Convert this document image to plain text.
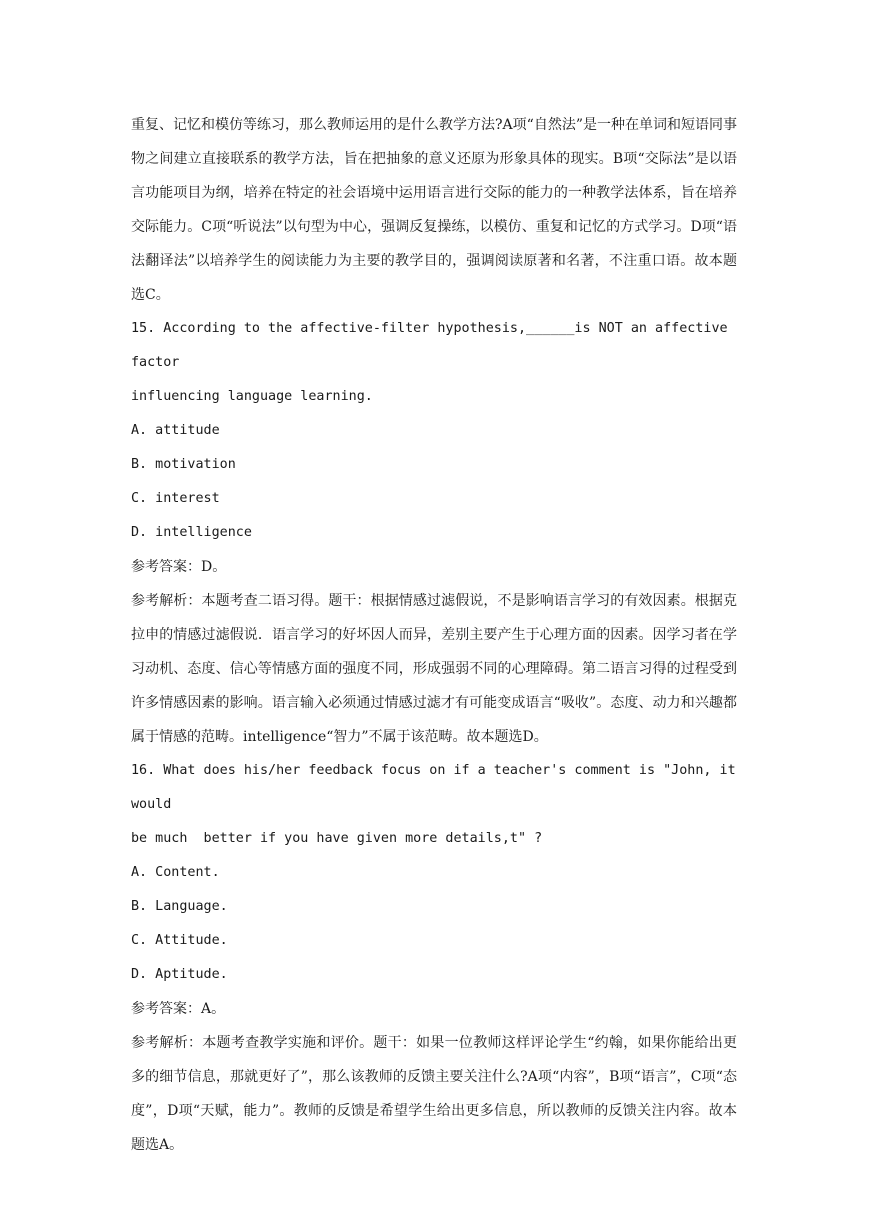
重复、记忆和模仿等练习，那么教师运用的是什么教学方法?A项“自然法”是一种在单词和短语同事物之间建立直接联系的教学方法，旨在把抽象的意义还原为形象具体的现实。B项“交际法”是以语言功能项目为纲，培养在特定的社会语境中运用语言进行交际的能力的一种教学法体系，旨在培养交际能力。C项“听说法”以句型为中心，强调反复操练，以模仿、重复和记忆的方式学习。D项“语法翻译法”以培养学生的阅读能力为主要的教学目的，强调阅读原著和名著，不注重口语。故本题选C。

15. According to the affective-filter hypothesis,______is NOT an affective factor
influencing language learning.

A. attitude

B. motivation

C. interest

D. intelligence

参考答案：D。

参考解析：本题考查二语习得。题干：根据情感过滤假说，不是影响语言学习的有效因素。根据克拉申的情感过滤假说．语言学习的好坏因人而异，差别主要产生于心理方面的因素。因学习者在学习动机、态度、信心等情感方面的强度不同，形成强弱不同的心理障碍。第二语言习得的过程受到许多情感因素的影响。语言输入必须通过情感过滤才有可能变成语言“吸收”。态度、动力和兴趣都属于情感的范畴。intelligence“智力”不属于该范畴。故本题选D。

16. What does his/her feedback focus on if a teacher's comment is "John, it would
be much  better if you have given more details,t" ?

A. Content.

B. Language.

C. Attitude.

D. Aptitude.

参考答案：A。

参考解析：本题考查教学实施和评价。题干：如果一位教师这样评论学生“约翰，如果你能给出更多的细节信息，那就更好了”，那么该教师的反馈主要关注什么?A项“内容”，B项“语言”，C项“态度”，D项“天赋，能力”。教师的反馈是希望学生给出更多信息，所以教师的反馈关注内容。故本题选A。
